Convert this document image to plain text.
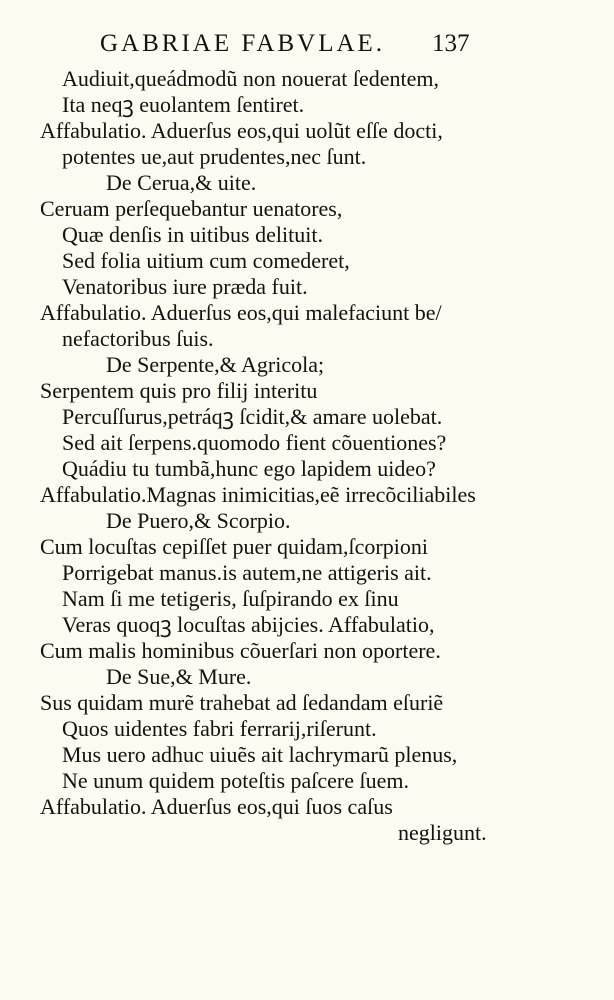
GABRIAE FABVLAE. 137
Audiuit,queádmodũ non nouerat ſedentem,
Ita neqꝫ euolantem ſentiret.
Affabulatio. Aduerſus eos,qui uolũt eſſe docti,
potentes ue,aut prudentes,nec ſunt.
De Ceruа,& uite.
Ceruam perſequebantur uenatores,
Quæ denſis in uitibus delituit.
Sed folia uitium cum comederet,
Venatoribus iure præda fuit.
Affabulatio. Aduerſus eos,qui malefaciunt be/
nefactoribus ſuis.
De Serpente,& Agricola;
Serpentem quis pro filij interitu
Percuſſurus,petráqꝫ ſcidit,& amare uolebat.
Sed ait ſerpens.quomodo fient cõuentiones?
Quádiu tu tumbã,hunc ego lapidem uideo?
Affabulatio.Magnas inimicitias,eẽ irrecõciliabiles
De Puero,& Scorpio.
Cum locuſtas cepiſſet puer quidam,ſcorpioni
Porrigebat manus.is autem,ne attigeris ait.
Nam ſi me tetigeris, ſuſpirando ex ſinu
Veras quoqꝫ locuſtas abijcies. Affabulatio,
Cum malis hominibus cõuerſari non oportere.
De Sue,& Mure.
Sus quidam murẽ trahebat ad ſedandam eſuriẽ
Quos uidentes fabri ferrarij,riſerunt.
Mus uero adhuc uiuẽs ait lachrymarũ plenus,
Ne unum quidem poteſtis paſcere ſuem.
Affabulatio. Aduerſus eos,qui ſuos caſus
negligunt.
